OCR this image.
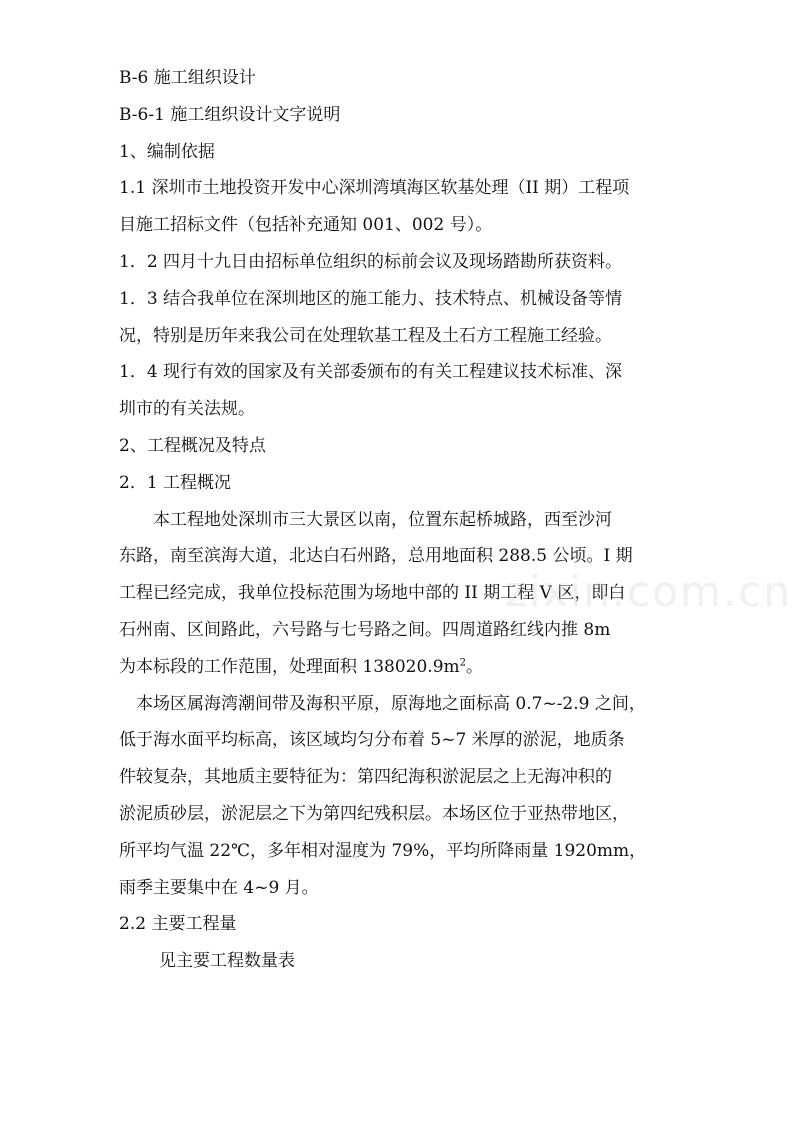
B-6 施工组织设计
B-6-1 施工组织设计文字说明
1、编制依据
1.1 深圳市土地投资开发中心深圳湾填海区软基处理（II 期）工程项
目施工招标文件（包括补充通知 001、002 号）。
1．2 四月十九日由招标单位组织的标前会议及现场踏勘所获资料。
1．3 结合我单位在深圳地区的施工能力、技术特点、机械设备等情
况，特别是历年来我公司在处理软基工程及土石方工程施工经验。
1．4 现行有效的国家及有关部委颁布的有关工程建议技术标准、深
圳市的有关法规。
2、工程概况及特点
2．1 工程概况
本工程地处深圳市三大景区以南，位置东起桥城路，西至沙河
东路，南至滨海大道，北达白石州路，总用地面积 288.5 公顷。I 期
工程已经完成，我单位投标范围为场地中部的 II 期工程 V 区，即白
石州南、区间路此，六号路与七号路之间。四周道路红线内推 8m
为本标段的工作范围，处理面积 $138020.9m^2$。
本场区属海湾潮间带及海积平原，原海地之面标高 0.7~-2.9 之间，
低于海水面平均标高，该区域均匀分布着 5~7 米厚的淤泥，地质条
件较复杂，其地质主要特征为：第四纪海积淤泥层之上无海冲积的
淤泥质砂层，淤泥层之下为第四纪残积层。本场区位于亚热带地区，
所平均气温 22℃，多年相对湿度为 79%，平均所降雨量 1920mm，
雨季主要集中在 4~9 月。
2.2 主要工程量
见主要工程数量表
zixin.com.cn
